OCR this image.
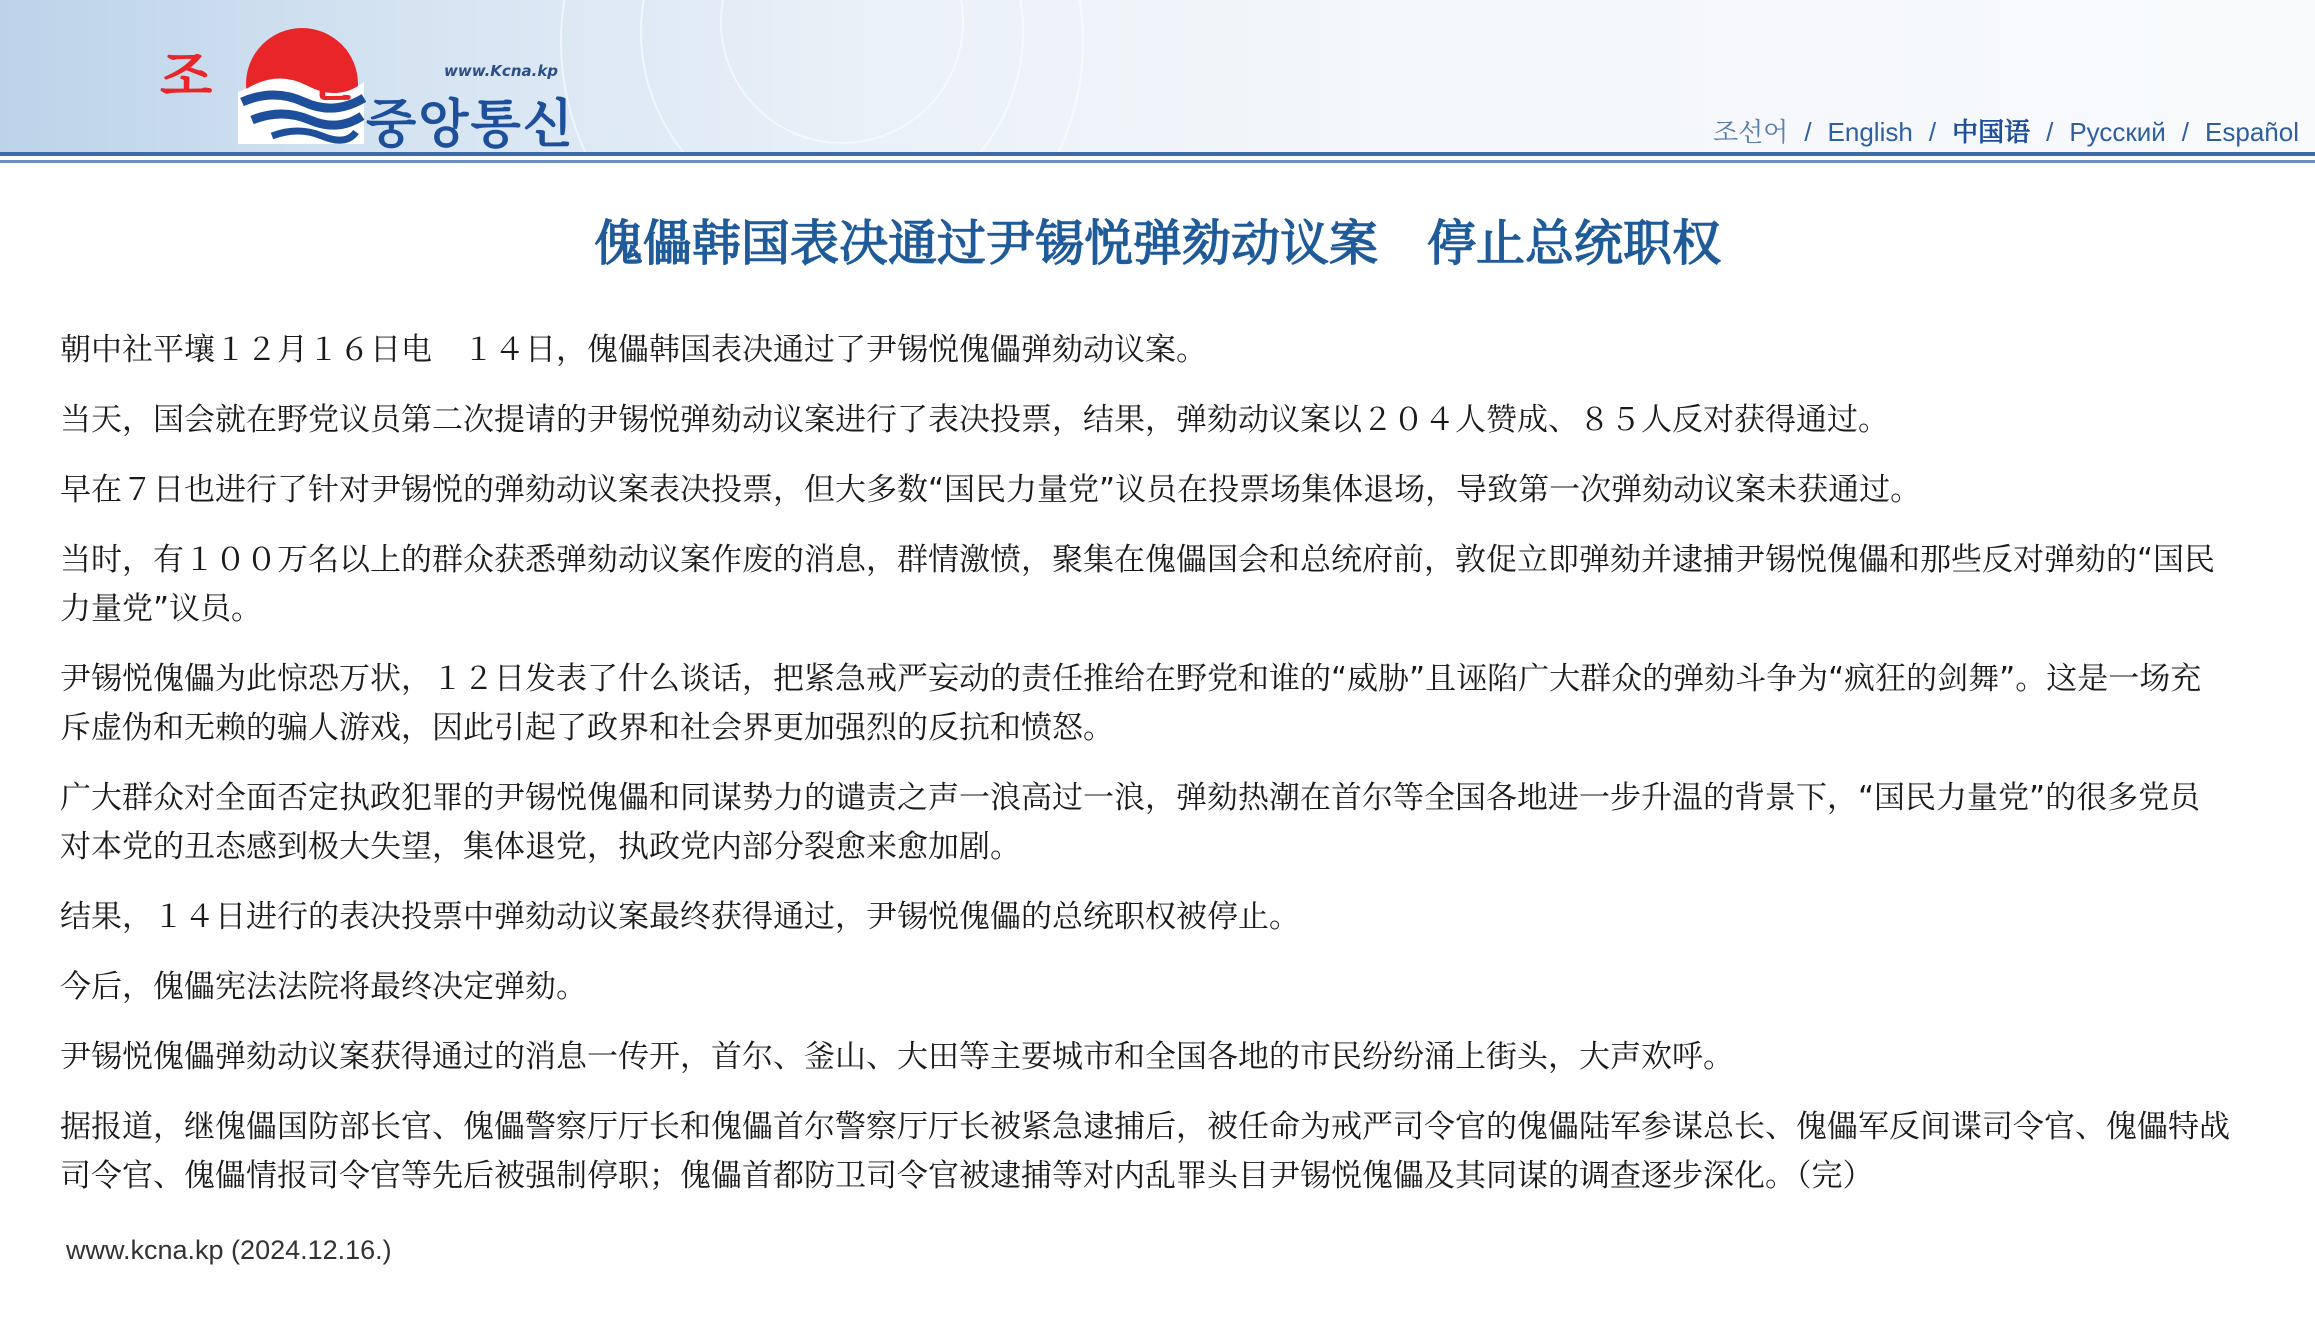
조선 www.Kcna.kp
중앙통신	조선어 / English / 中国语 / Русский / Español
傀儡韩国表决通过尹锡悦弹劾动议案　停止总统职权

朝中社平壤１２月１６日电　１４日，傀儡韩国表决通过了尹锡悦傀儡弹劾动议案。

当天，国会就在野党议员第二次提请的尹锡悦弹劾动议案进行了表决投票，结果，弹劾动议案以２０４人赞成、８５人反对获得通过。

早在７日也进行了针对尹锡悦的弹劾动议案表决投票，但大多数“国民力量党”议员在投票场集体退场，导致第一次弹劾动议案未获通过。

当时，有１００万名以上的群众获悉弹劾动议案作废的消息，群情激愤，聚集在傀儡国会和总统府前，敦促立即弹劾并逮捕尹锡悦傀儡和那些反对弹劾的“国民力量党”议员。

尹锡悦傀儡为此惊恐万状，１２日发表了什么谈话，把紧急戒严妄动的责任推给在野党和谁的“威胁”且诬陷广大群众的弹劾斗争为“疯狂的剑舞”。这是一场充斥虚伪和无赖的骗人游戏，因此引起了政界和社会界更加强烈的反抗和愤怒。

广大群众对全面否定执政犯罪的尹锡悦傀儡和同谋势力的谴责之声一浪高过一浪，弹劾热潮在首尔等全国各地进一步升温的背景下，“国民力量党”的很多党员对本党的丑态感到极大失望，集体退党，执政党内部分裂愈来愈加剧。

结果，１４日进行的表决投票中弹劾动议案最终获得通过，尹锡悦傀儡的总统职权被停止。

今后，傀儡宪法法院将最终决定弹劾。

尹锡悦傀儡弹劾动议案获得通过的消息一传开，首尔、釜山、大田等主要城市和全国各地的市民纷纷涌上街头，大声欢呼。

据报道，继傀儡国防部长官、傀儡警察厅厅长和傀儡首尔警察厅厅长被紧急逮捕后，被任命为戒严司令官的傀儡陆军参谋总长、傀儡军反间谍司令官、傀儡特战司令官、傀儡情报司令官等先后被强制停职；傀儡首都防卫司令官被逮捕等对内乱罪头目尹锡悦傀儡及其同谋的调查逐步深化。（完）

www.kcna.kp (2024.12.16.)
